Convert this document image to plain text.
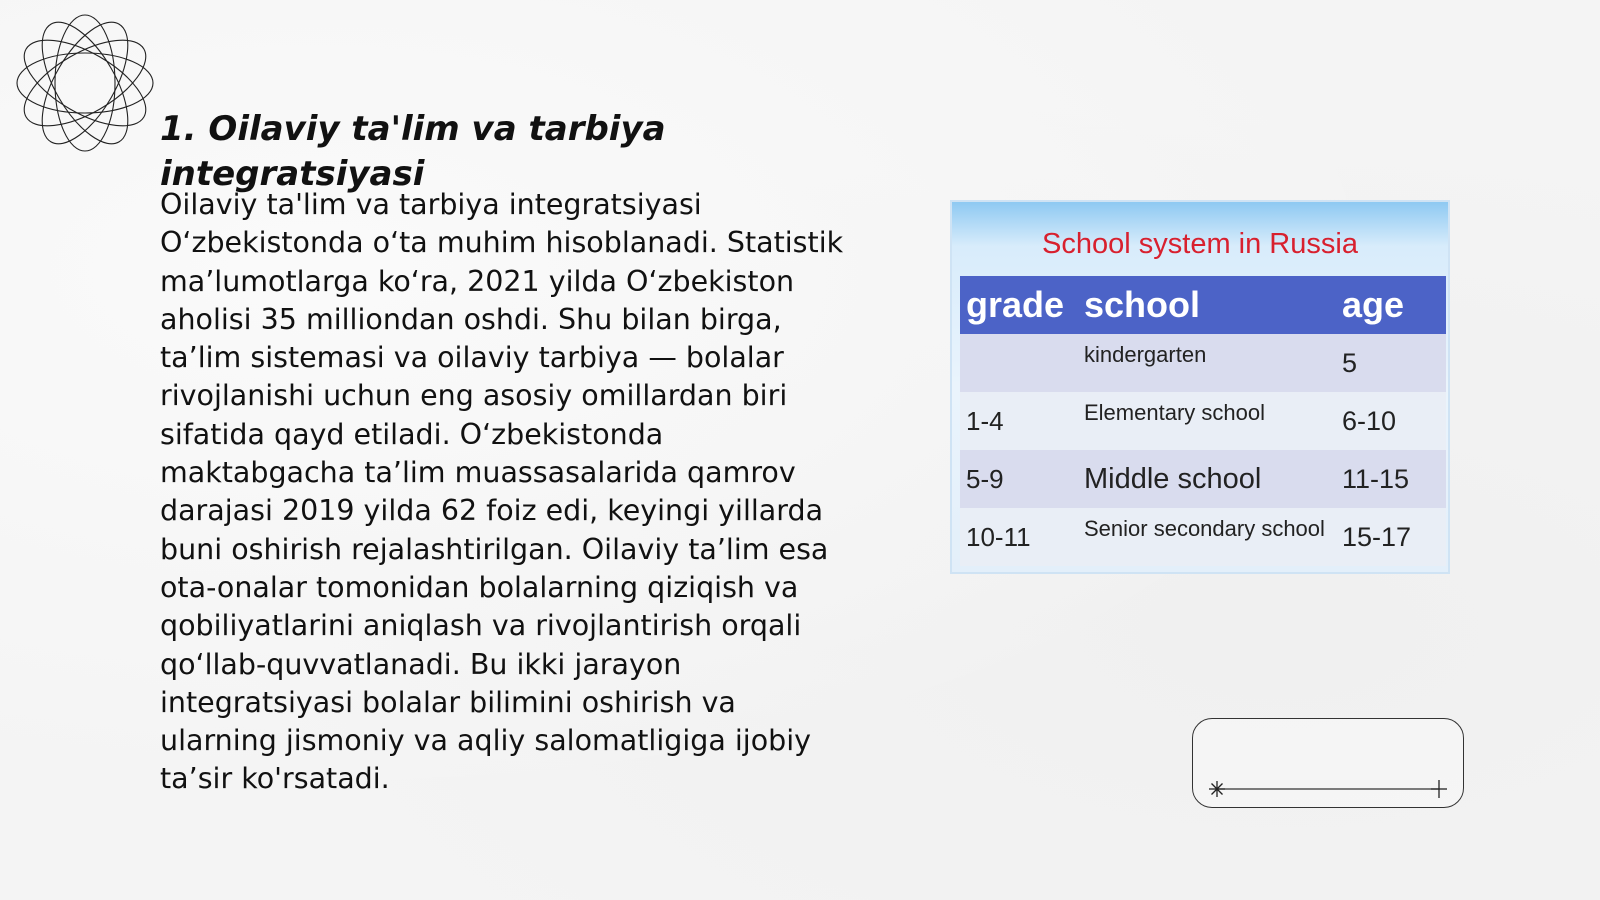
1. Oilaviy ta'lim va tarbiya integratsiyasi

Oilaviy ta'lim va tarbiya integratsiyasi O‘zbekistonda o‘ta muhim hisoblanadi. Statistik ma’lumotlarga ko‘ra, 2021 yilda O‘zbekiston aholisi 35 milliondan oshdi. Shu bilan birga, ta’lim sistemasi va oilaviy tarbiya — bolalar rivojlanishi uchun eng asosiy omillardan biri sifatida qayd etiladi. O‘zbekistonda maktabgacha ta’lim muassasalarida qamrov darajasi 2019 yilda 62 foiz edi, keyingi yillarda buni oshirish rejalashtirilgan. Oilaviy ta’lim esa ota-onalar tomonidan bolalarning qiziqish va qobiliyatlarini aniqlash va rivojlantirish orqali qo‘llab-quvvatlanadi. Bu ikki jarayon integratsiyasi bolalar bilimini oshirish va ularning jismoniy va aqliy salomatligiga ijobiy ta’sir ko'rsatadi.

School system in Russia
grade	school	age
	kindergarten	5
1-4	Elementary school	6-10
5-9	Middle school	11-15
10-11	Senior secondary school	15-17
